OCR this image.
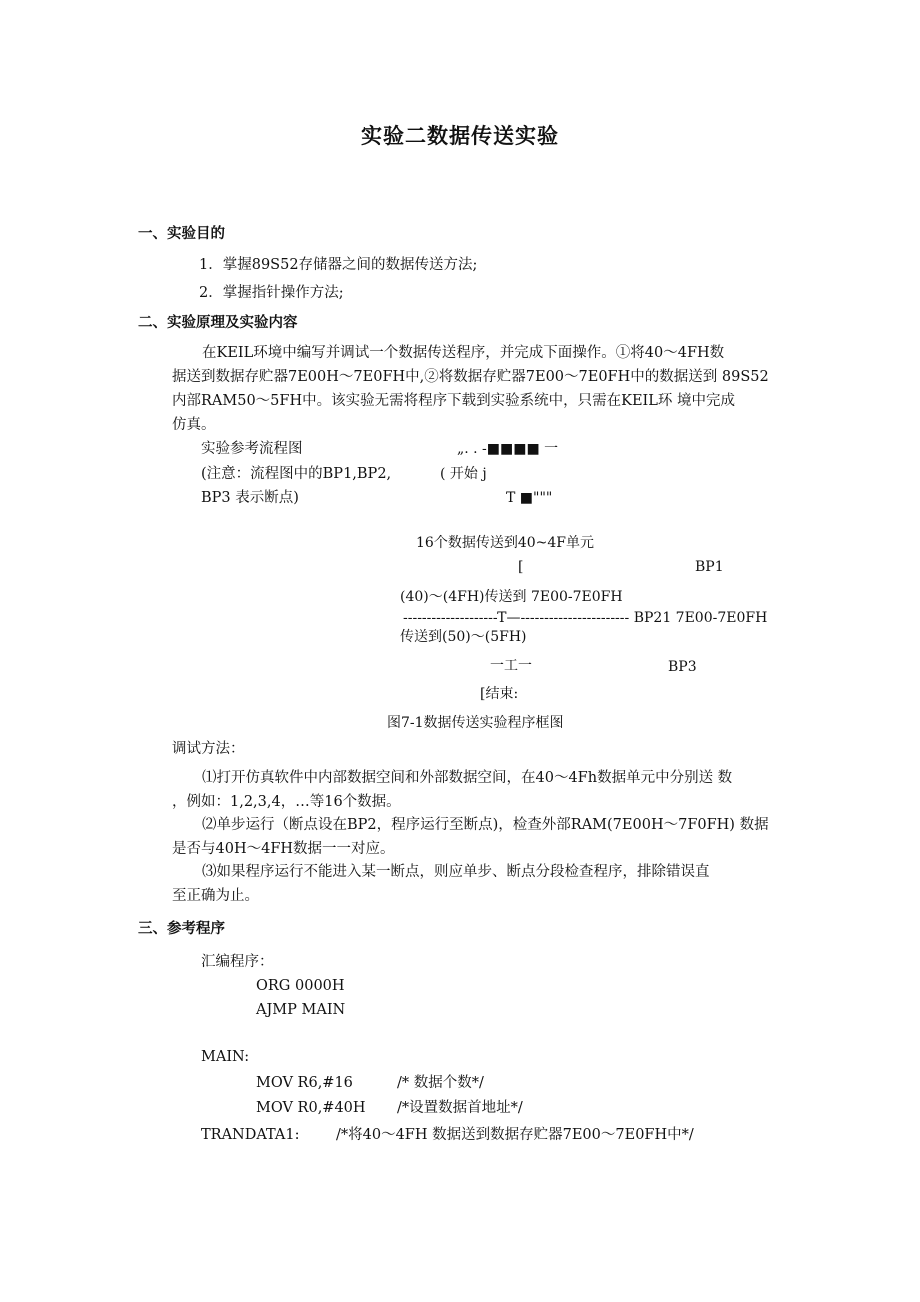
实验二数据传送实验
一、实验目的
1．掌握89S52存储器之间的数据传送方法;
2．掌握指针操作方法;
二、实验原理及实验内容
在KEIL环境中编写并调试一个数据传送程序，并完成下面操作。①将40〜4FH数
据送到数据存贮器7E00H〜7E0FH中,②将数据存贮器7E00〜7E0FH中的数据送到 89S52
内部RAM50〜5FH中。该实验无需将程序下载到实验系统中，只需在KEIL环 境中完成
仿真。
实验参考流程图
(注意：流程图中的BP1,BP2,
BP3 表示断点)
„. . -■■■■ 一
( 开始 j
T ■"""
16个数据传送到40~4F单元
[	BP1
(40)〜(4FH)传送到 7E00-7E0FH
--------------------T—----------------------- BP21 7E00-7E0FH
传送到(50)〜(5FH)
一工一	BP3
[结束:
图7-1数据传送实验程序框图
调试方法：
⑴打开仿真软件中内部数据空间和外部数据空间，在40〜4Fh数据单元中分别送 数
，例如：1,2,3,4，…等16个数据。
⑵单步运行（断点设在BP2，程序运行至断点)，检查外部RAM(7E00H〜7F0FH) 数据
是否与40H〜4FH数据一一对应。
⑶如果程序运行不能进入某一断点，则应单步、断点分段检查程序，排除错误直
至正确为止。
三、参考程序
汇编程序：
ORG 0000H
AJMP MAIN
MAIN:
MOV R6,#16	/* 数据个数*/
MOV R0,#40H /*设置数据首地址*/
TRANDATA1:	/*将40〜4FH 数据送到数据存贮器7E00〜7E0FH中*/
